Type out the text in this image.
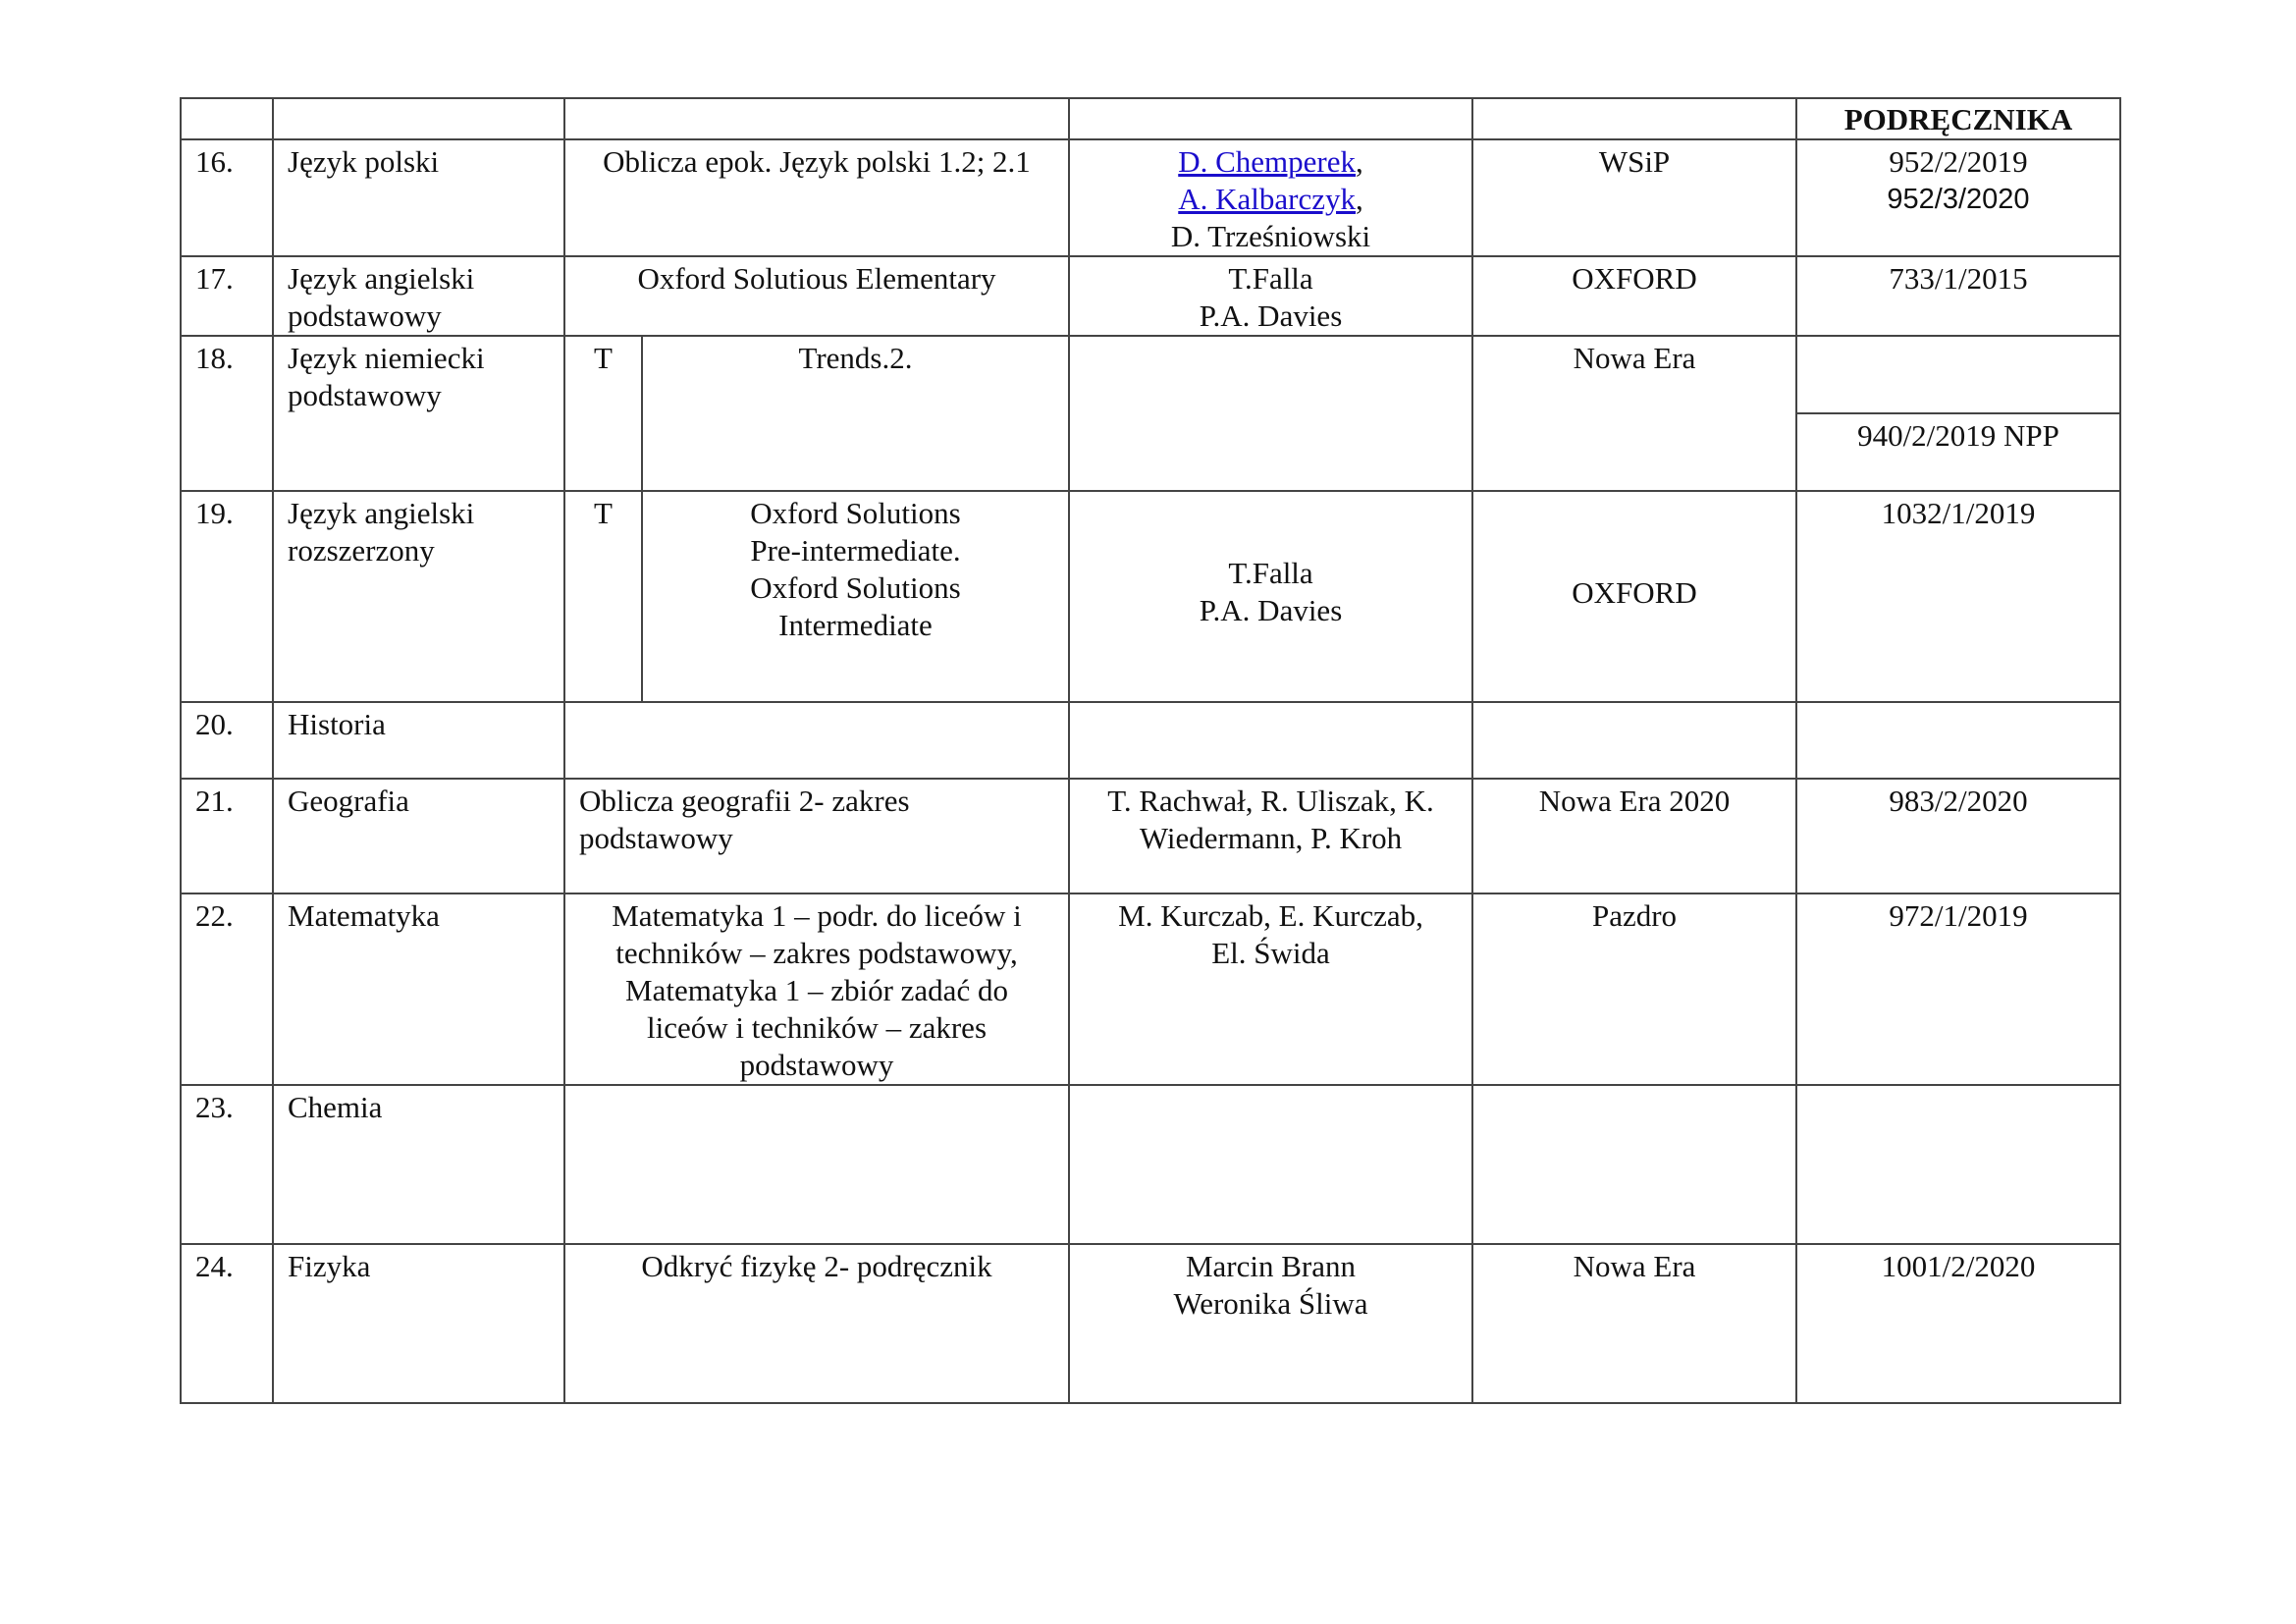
						PODRĘCZNIKA
16.	Język polski	Oblicza epok. Język polski 1.2; 2.1		D. Chemperek,
A. Kalbarczyk,
D. Trześniowski	WSiP	952/2/2019
952/3/2020

17.	Język angielski
podstawowy	Oxford Solutious Elementary		T.Falla
P.A. Davies	OXFORD	733/1/2015
18.	Język niemiecki
podstawowy	T	Trends.2.		Nowa Era	
						940/2/2019 NPP
19.	Język angielski
rozszerzony	T	Oxford Solutions
Pre-intermediate.
Oxford Solutions
Intermediate	T.Falla
P.A. Davies	OXFORD	1032/1/2019
20.	Historia					
21.	Geografia	Oblicza geografii 2- zakres
podstawowy		T. Rachwał, R. Uliszak, K.
Wiedermann, P. Kroh	Nowa Era 2020	983/2/2020
22.	Matematyka	Matematyka 1 – podr. do liceów i
techników – zakres podstawowy,
Matematyka 1 – zbiór zadać do
liceów i techników – zakres
podstawowy		M. Kurczab, E. Kurczab,
El. Świda	Pazdro	972/1/2019
23.	Chemia					
24.	Fizyka	Odkryć fizykę 2- podręcznik		Marcin Brann
Weronika Śliwa	Nowa Era	1001/2/2020
